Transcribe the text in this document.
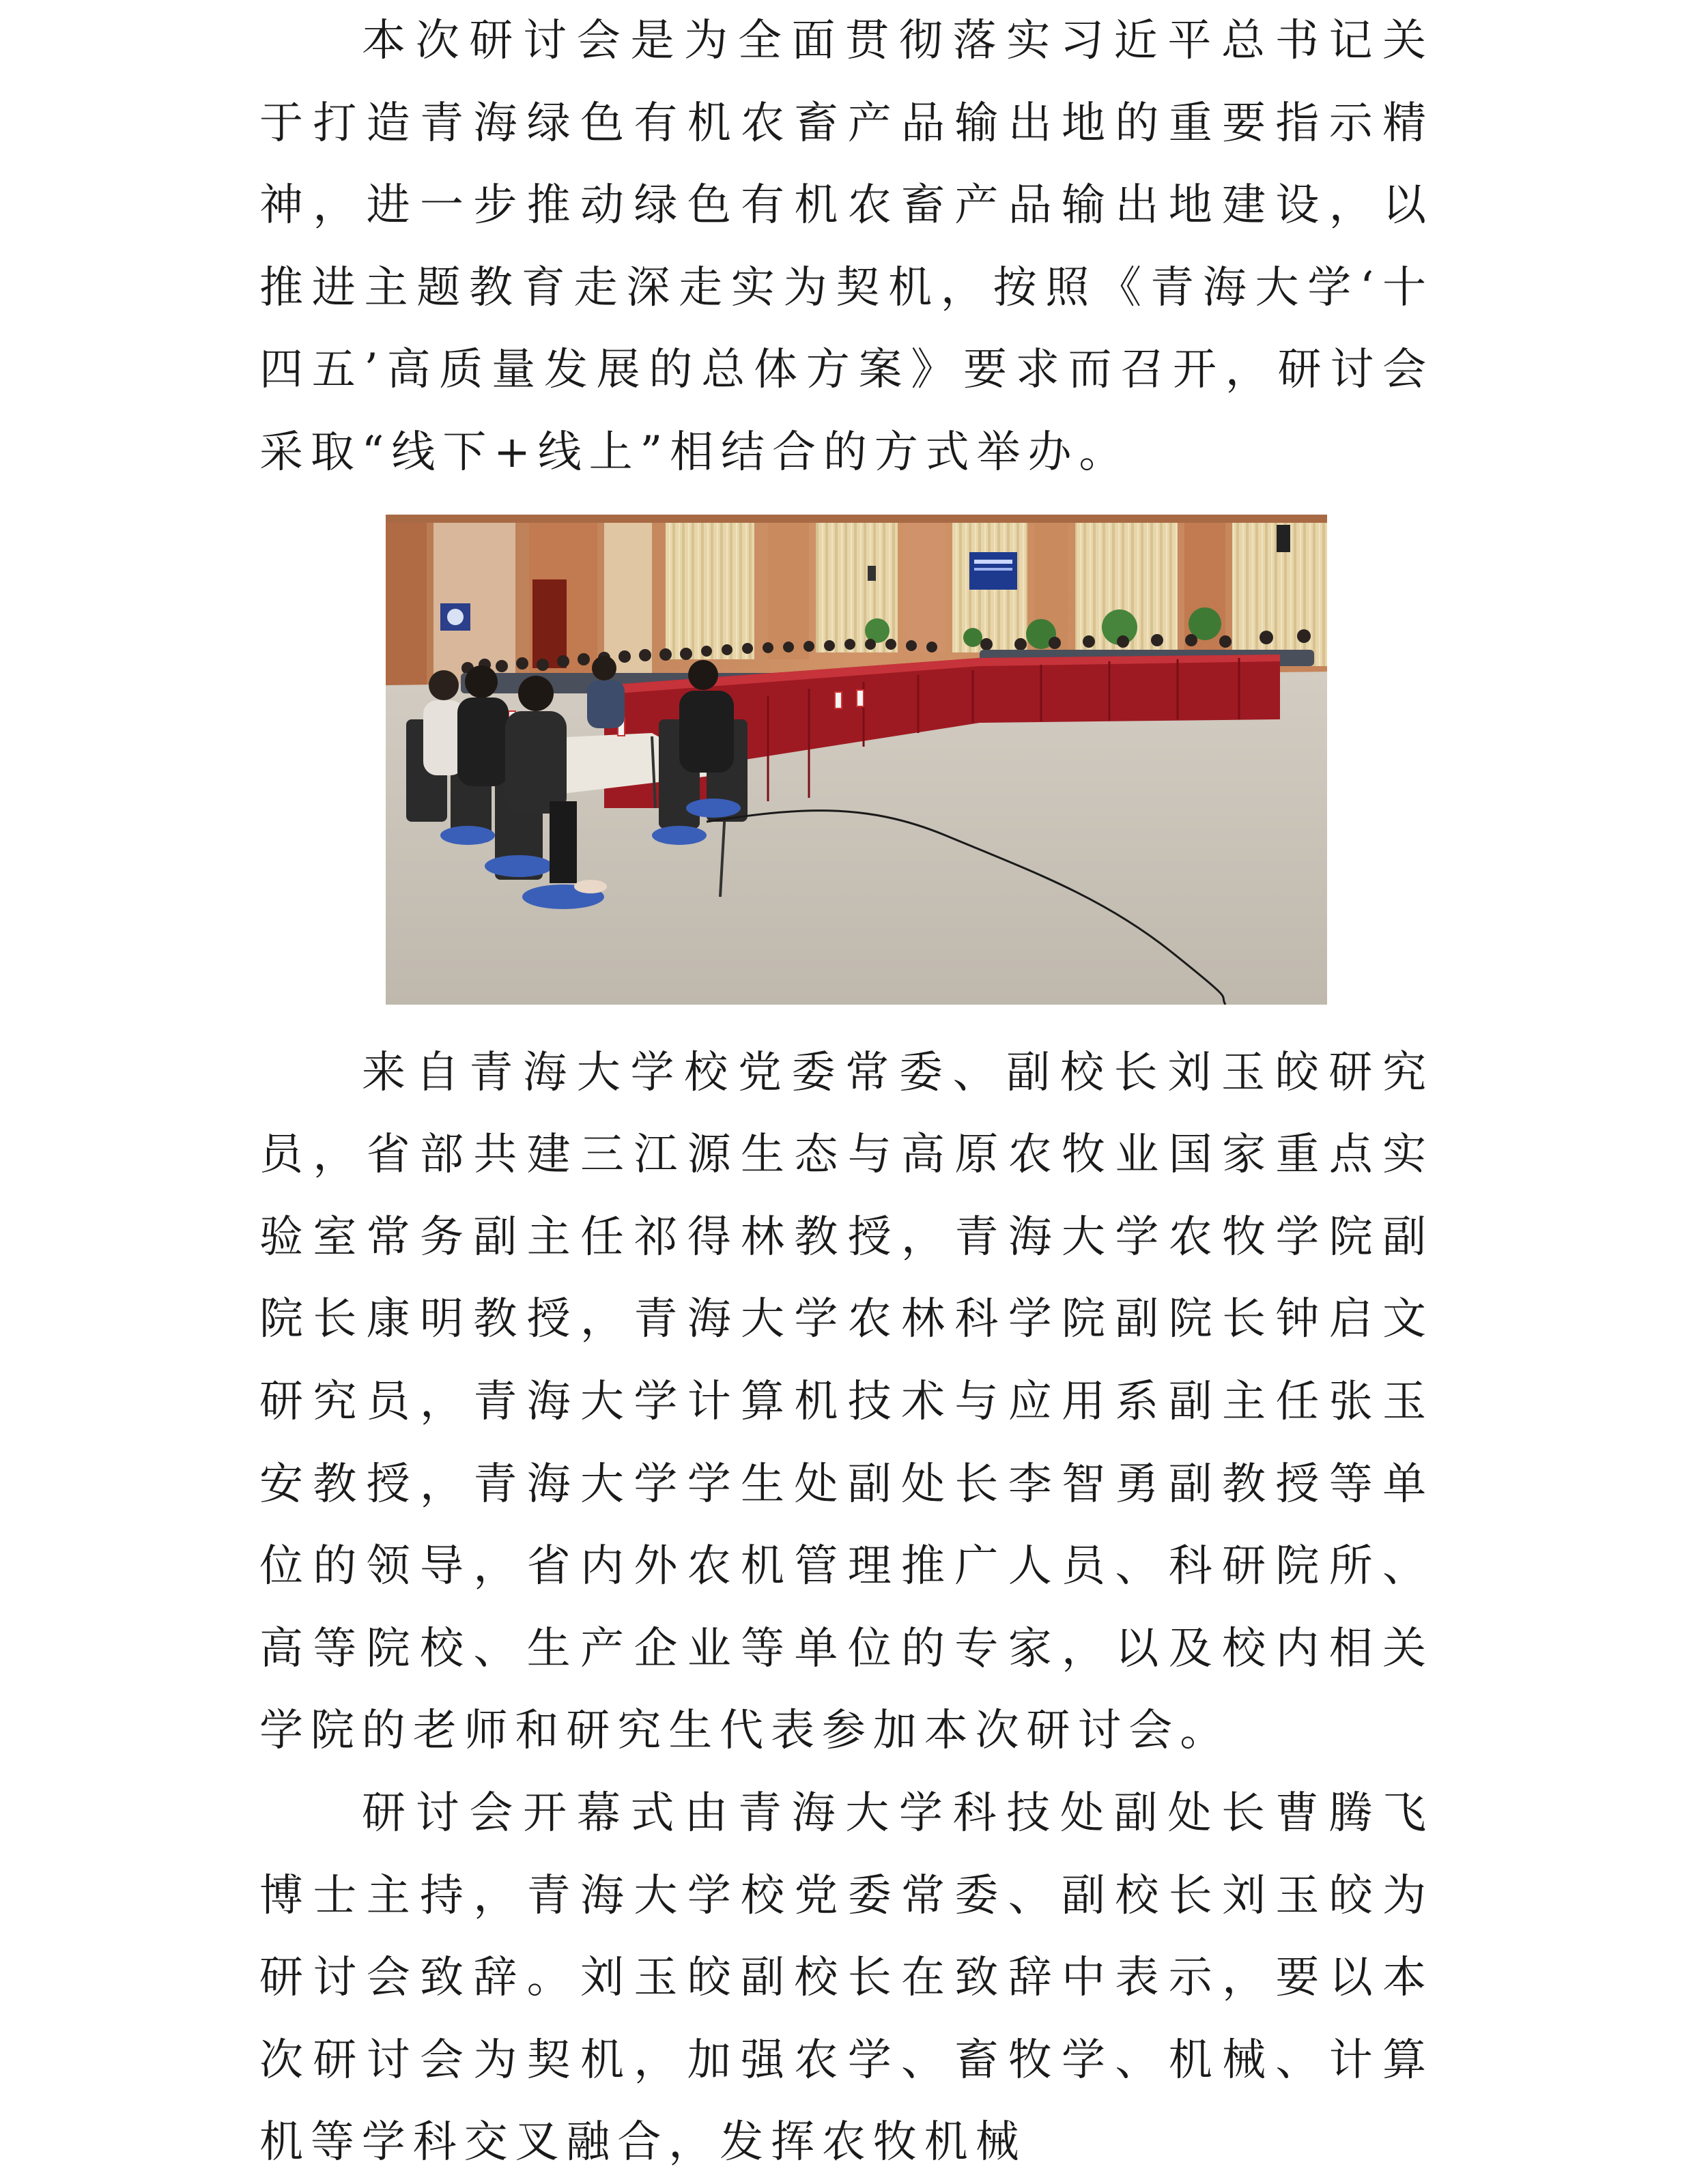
本次研讨会是为全面贯彻落实习近平总书记关于打造青海绿色有机农畜产品输出地的重要指示精神，进一步推动绿色有机农畜产品输出地建设，以推进主题教育走深走实为契机，按照《青海大学‘十四五’高质量发展的总体方案》要求而召开，研讨会采取“线下+线上”相结合的方式举办。

来自青海大学校党委常委、副校长刘玉皎研究员，省部共建三江源生态与高原农牧业国家重点实验室常务副主任祁得林教授，青海大学农牧学院副院长康明教授，青海大学农林科学院副院长钟启文研究员，青海大学计算机技术与应用系副主任张玉安教授，青海大学学生处副处长李智勇副教授等单位的领导，省内外农机管理推广人员、科研院所、高等院校、生产企业等单位的专家，以及校内相关学院的老师和研究生代表参加本次研讨会。

研讨会开幕式由青海大学科技处副处长曹腾飞博士主持，青海大学校党委常委、副校长刘玉皎为研讨会致辞。刘玉皎副校长在致辞中表示，要以本次研讨会为契机，加强农学、畜牧学、机械、计算机等学科交叉融合，发挥农牧机械
